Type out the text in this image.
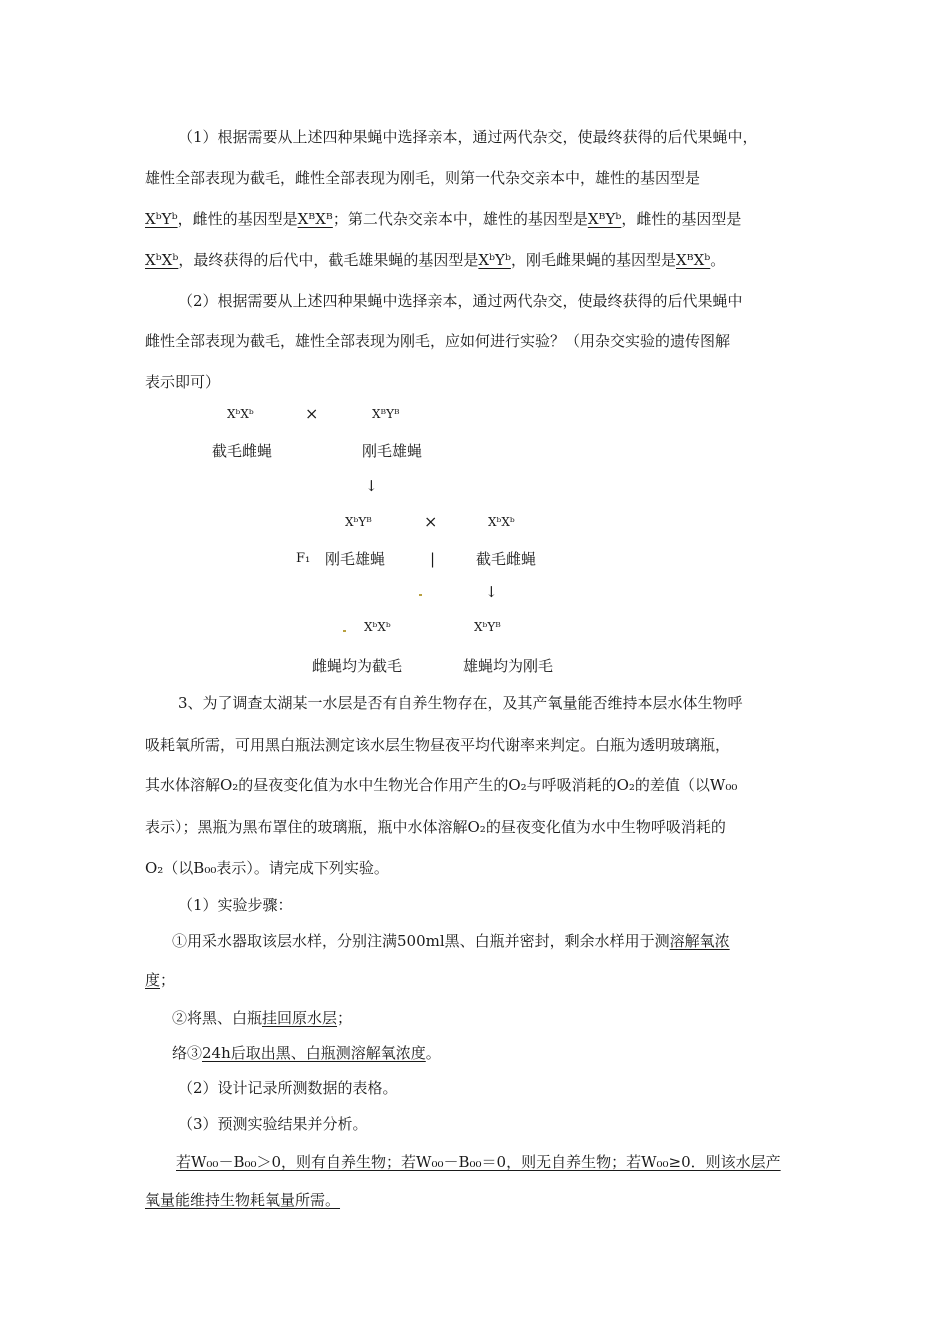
（1）根据需要从上述四种果蝇中选择亲本，通过两代杂交，使最终获得的后代果蝇中，
雄性全部表现为截毛，雌性全部表现为刚毛，则第一代杂交亲本中，雄性的基因型是
XᵇYᵇ，雌性的基因型是XᴮXᴮ；第二代杂交亲本中，雄性的基因型是XᴮYᵇ，雌性的基因型是
XᵇXᵇ，最终获得的后代中，截毛雄果蝇的基因型是XᵇYᵇ，刚毛雌果蝇的基因型是XᴮXᵇ。
（2）根据需要从上述四种果蝇中选择亲本，通过两代杂交，使最终获得的后代果蝇中
雌性全部表现为截毛，雄性全部表现为刚毛，应如何进行实验？（用杂交实验的遗传图解
表示即可）
XᵇXᵇ	×	XᴮYᴮ
截毛雌蝇	刚毛雄蝇
↓
XᵇYᴮ	×	XᵇXᵇ
F₁ 刚毛雄蝇	|	截毛雌蝇
↓
XᵇXᵇ	XᵇYᴮ
雌蝇均为截毛	雄蝇均为刚毛
3、为了调查太湖某一水层是否有自养生物存在，及其产氧量能否维持本层水体生物呼
吸耗氧所需，可用黑白瓶法测定该水层生物昼夜平均代谢率来判定。白瓶为透明玻璃瓶，
其水体溶解O₂的昼夜变化值为水中生物光合作用产生的O₂与呼吸消耗的O₂的差值（以W₀₀
表示）；黑瓶为黑布罩住的玻璃瓶，瓶中水体溶解O₂的昼夜变化值为水中生物呼吸消耗的
O₂（以B₀₀表示）。请完成下列实验。
（1）实验步骤：
①用采水器取该层水样，分别注满500ml黑、白瓶并密封，剩余水样用于测溶解氧浓
度；
②将黑、白瓶挂回原水层；
络③24h后取出黑、白瓶测溶解氧浓度。
（2）设计记录所测数据的表格。
（3）预测实验结果并分析。
若W₀₀－B₀₀＞0，则有自养生物；若W₀₀－B₀₀＝0，则无自养生物；若W₀₀≥0．则该水层产
氧量能维持生物耗氧量所需。
